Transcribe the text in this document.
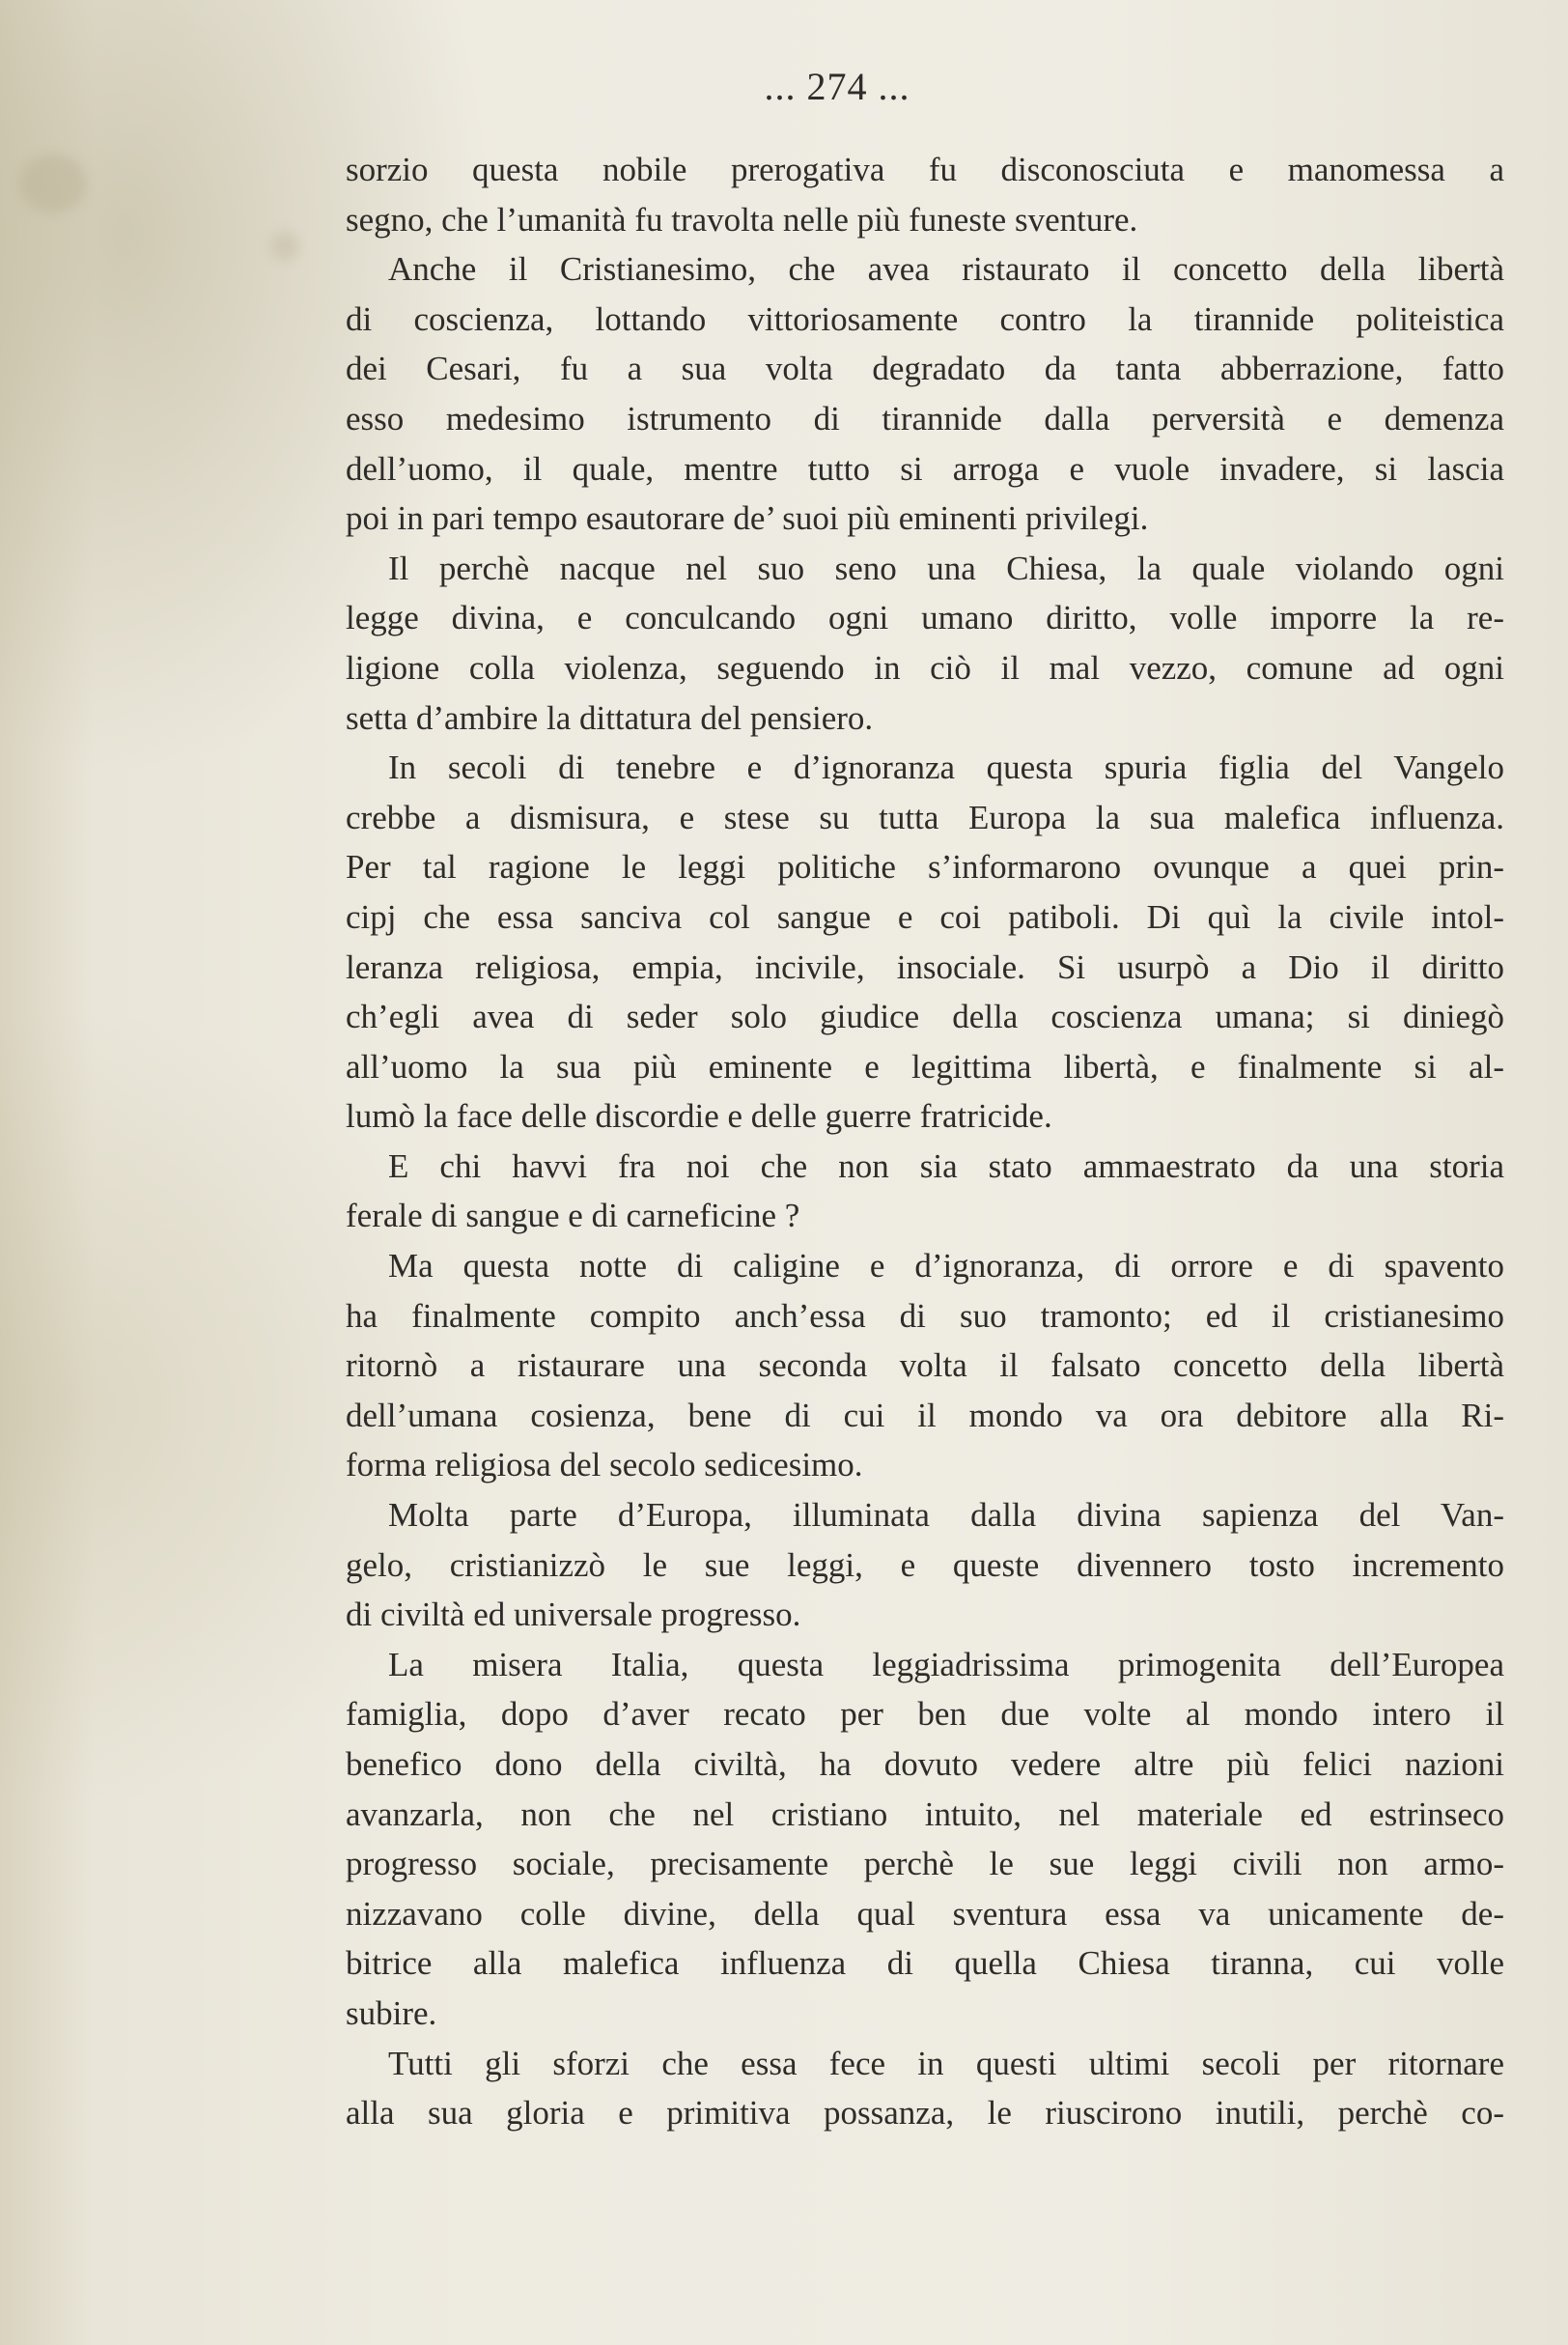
... 274 ...
sorzio questa nobile prerogativa fu disconosciuta e manomessa a
segno, che l’umanità fu travolta nelle più funeste sventure.
Anche il Cristianesimo, che avea ristaurato il concetto della libertà
di coscienza, lottando vittoriosamente contro la tirannide politeistica
dei Cesari, fu a sua volta degradato da tanta abberrazione, fatto
esso medesimo istrumento di tirannide dalla perversità e demenza
dell’uomo, il quale, mentre tutto si arroga e vuole invadere, si lascia
poi in pari tempo esautorare de’ suoi più eminenti privilegi.
Il perchè nacque nel suo seno una Chiesa, la quale violando ogni
legge divina, e conculcando ogni umano diritto, volle imporre la re-
ligione colla violenza, seguendo in ciò il mal vezzo, comune ad ogni
setta d’ambire la dittatura del pensiero.
In secoli di tenebre e d’ignoranza questa spuria figlia del Vangelo
crebbe a dismisura, e stese su tutta Europa la sua malefica influenza.
Per tal ragione le leggi politiche s’informarono ovunque a quei prin-
cipj che essa sanciva col sangue e coi patiboli. Di quì la civile intol-
leranza religiosa, empia, incivile, insociale. Si usurpò a Dio il diritto
ch’egli avea di seder solo giudice della coscienza umana; si diniegò
all’uomo la sua più eminente e legittima libertà, e finalmente si al-
lumò la face delle discordie e delle guerre fratricide.
E chi havvi fra noi che non sia stato ammaestrato da una storia
ferale di sangue e di carneficine ?
Ma questa notte di caligine e d’ignoranza, di orrore e di spavento
ha finalmente compito anch’essa di suo tramonto; ed il cristianesimo
ritornò a ristaurare una seconda volta il falsato concetto della libertà
dell’umana cosienza, bene di cui il mondo va ora debitore alla Ri-
forma religiosa del secolo sedicesimo.
Molta parte d’Europa, illuminata dalla divina sapienza del Van-
gelo, cristianizzò le sue leggi, e queste divennero tosto incremento
di civiltà ed universale progresso.
La misera Italia, questa leggiadrissima primogenita dell’Europea
famiglia, dopo d’aver recato per ben due volte al mondo intero il
benefico dono della civiltà, ha dovuto vedere altre più felici nazioni
avanzarla, non che nel cristiano intuito, nel materiale ed estrinseco
progresso sociale, precisamente perchè le sue leggi civili non armo-
nizzavano colle divine, della qual sventura essa va unicamente de-
bitrice alla malefica influenza di quella Chiesa tiranna, cui volle
subire.
Tutti gli sforzi che essa fece in questi ultimi secoli per ritornare
alla sua gloria e primitiva possanza, le riuscirono inutili, perchè co-
